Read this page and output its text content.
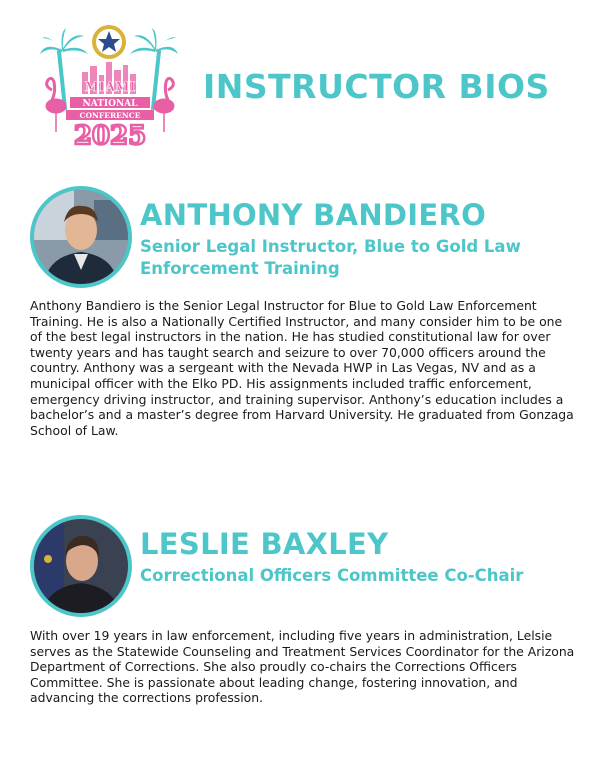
MIAMI
NATIONAL
CONFERENCE
2025
INSTRUCTOR BIOS
ANTHONY BANDIERO
Senior Legal Instructor, Blue to Gold Law Enforcement Training
Anthony Bandiero is the Senior Legal Instructor for Blue to Gold Law Enforcement Training. He is also a Nationally Certified Instructor, and many consider him to be one of the best legal instructors in the nation. He has studied constitutional law for over twenty years and has taught search and seizure to over 70,000 officers around the country. Anthony was a sergeant with the Nevada HWP in Las Vegas, NV and as a municipal officer with the Elko PD. His assignments included traffic enforcement, emergency driving instructor, and training supervisor. Anthony’s education includes a bachelor’s and a master’s degree from Harvard University. He graduated from Gonzaga School of Law.
LESLIE BAXLEY
Correctional Officers Committee Co-Chair
With over 19 years in law enforcement, including five years in administration, Lelsie serves as the Statewide Counseling and Treatment Services Coordinator for the Arizona Department of Corrections. She also proudly co-chairs the Corrections Officers Committee. She is passionate about leading change, fostering innovation, and advancing the corrections profession.
